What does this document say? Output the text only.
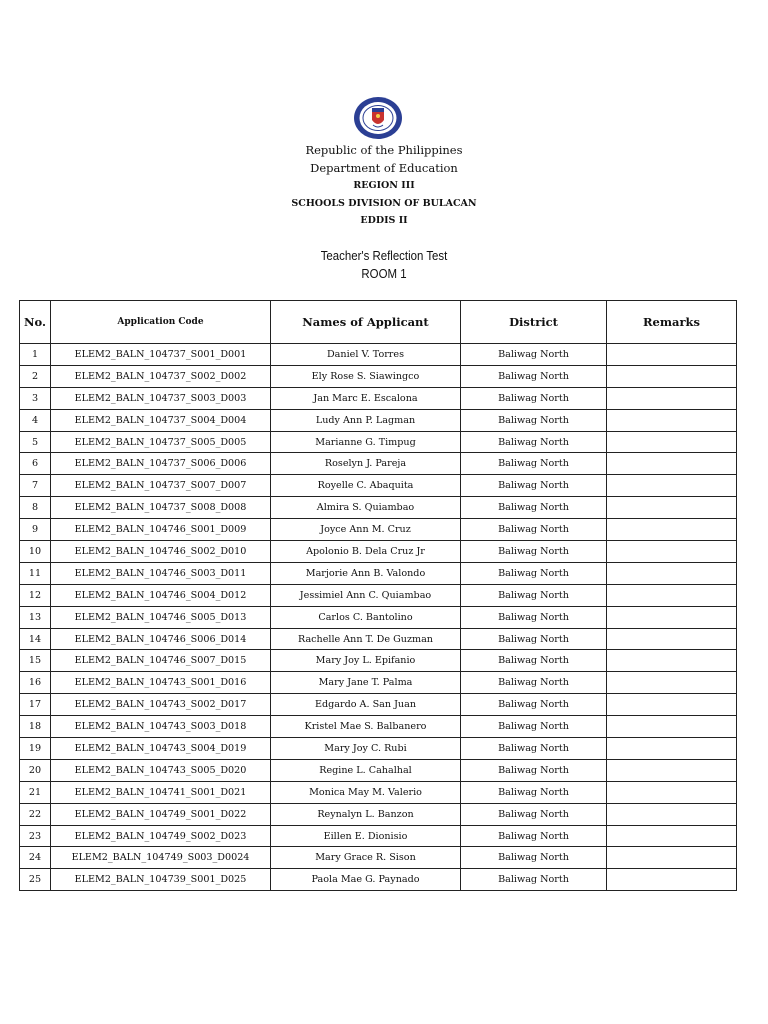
Republic of the Philippines
Department of Education
REGION III
SCHOOLS DIVISION OF BULACAN
EDDIS II
Teacher's Reflection Test
ROOM 1
No.	Application Code	Names of Applicant	District	Remarks
1	ELEM2_BALN_104737_S001_D001	Daniel V. Torres	Baliwag North	
2	ELEM2_BALN_104737_S002_D002	Ely Rose S. Siawingco	Baliwag North	
3	ELEM2_BALN_104737_S003_D003	Jan Marc E. Escalona	Baliwag North	
4	ELEM2_BALN_104737_S004_D004	Ludy Ann P. Lagman	Baliwag North	
5	ELEM2_BALN_104737_S005_D005	Marianne G. Timpug	Baliwag North	
6	ELEM2_BALN_104737_S006_D006	Roselyn J. Pareja	Baliwag North	
7	ELEM2_BALN_104737_S007_D007	Royelle C. Abaquita	Baliwag North	
8	ELEM2_BALN_104737_S008_D008	Almira S. Quiambao	Baliwag North	
9	ELEM2_BALN_104746_S001_D009	Joyce Ann M. Cruz	Baliwag North	
10	ELEM2_BALN_104746_S002_D010	Apolonio B. Dela Cruz Jr	Baliwag North	
11	ELEM2_BALN_104746_S003_D011	Marjorie Ann B. Valondo	Baliwag North	
12	ELEM2_BALN_104746_S004_D012	Jessimiel Ann C. Quiambao	Baliwag North	
13	ELEM2_BALN_104746_S005_D013	Carlos C. Bantolino	Baliwag North	
14	ELEM2_BALN_104746_S006_D014	Rachelle Ann T. De Guzman	Baliwag North	
15	ELEM2_BALN_104746_S007_D015	Mary Joy L. Epifanio	Baliwag North	
16	ELEM2_BALN_104743_S001_D016	Mary Jane T. Palma	Baliwag North	
17	ELEM2_BALN_104743_S002_D017	Edgardo A. San Juan	Baliwag North	
18	ELEM2_BALN_104743_S003_D018	Kristel Mae S. Balbanero	Baliwag North	
19	ELEM2_BALN_104743_S004_D019	Mary Joy C. Rubi	Baliwag North	
20	ELEM2_BALN_104743_S005_D020	Regine L. Cahalhal	Baliwag North	
21	ELEM2_BALN_104741_S001_D021	Monica May M. Valerio	Baliwag North	
22	ELEM2_BALN_104749_S001_D022	Reynalyn L. Banzon	Baliwag North	
23	ELEM2_BALN_104749_S002_D023	Eillen E. Dionisio	Baliwag North	
24	ELEM2_BALN_104749_S003_D0024	Mary Grace R. Sison	Baliwag North	
25	ELEM2_BALN_104739_S001_D025	Paola Mae G. Paynado	Baliwag North	
